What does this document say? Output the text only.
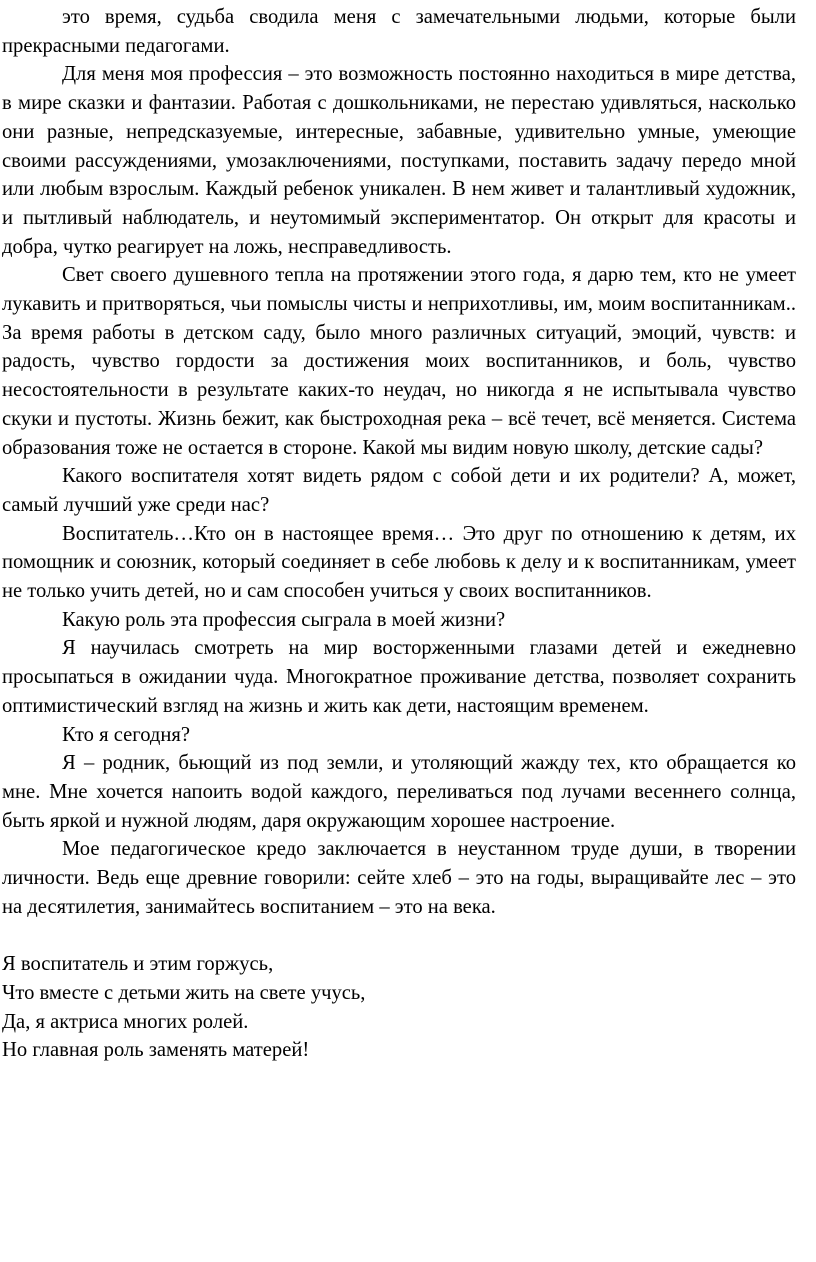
это время, судьба сводила меня с замечательными людьми, которые были прекрасными педагогами.

Для меня моя профессия – это возможность постоянно находиться в мире детства, в мире сказки и фантазии. Работая с дошкольниками, не перестаю удивляться, насколько они разные, непредсказуемые, интересные, забавные, удивительно умные, умеющие своими рассуждениями, умозаключениями, поступками, поставить задачу передо мной или любым взрослым. Каждый ребенок уникален. В нем живет и талантливый художник, и пытливый наблюдатель, и неутомимый экспериментатор. Он открыт для красоты и добра, чутко реагирует на ложь, несправедливость.

Свет своего душевного тепла на протяжении этого года, я дарю тем, кто не умеет лукавить и притворяться, чьи помыслы чисты и неприхотливы, им, моим воспитанникам.. За время работы в детском саду, было много различных ситуаций, эмоций, чувств: и радость, чувство гордости за достижения моих воспитанников, и боль, чувство несостоятельности в результате каких-то неудач, но никогда я не испытывала чувство скуки и пустоты. Жизнь бежит, как быстроходная река – всё течет, всё меняется. Система образования тоже не остается в стороне. Какой мы видим новую школу, детские сады?

Какого воспитателя хотят видеть рядом с собой дети и их родители? А, может, самый лучший уже среди нас?

Воспитатель…Кто он в настоящее время… Это друг по отношению к детям, их помощник и союзник, который соединяет в себе любовь к делу и к воспитанникам, умеет не только учить детей, но и сам способен учиться у своих воспитанников.

Какую роль эта профессия сыграла в моей жизни?

Я научилась смотреть на мир восторженными глазами детей и ежедневно просыпаться в ожидании чуда. Многократное проживание детства, позволяет сохранить оптимистический взгляд на жизнь и жить как дети, настоящим временем.

Кто я сегодня?

Я – родник, бьющий из под земли, и утоляющий жажду тех, кто обращается ко мне. Мне хочется напоить водой каждого, переливаться под лучами весеннего солнца, быть яркой и нужной людям, даря окружающим хорошее настроение.

Мое педагогическое кредо заключается в неустанном труде души, в творении личности. Ведь еще древние говорили: сейте хлеб – это на годы, выращивайте лес – это на десятилетия, занимайтесь воспитанием – это на века.

Я воспитатель и этим горжусь,
Что вместе с детьми жить на свете учусь,
Да, я актриса многих ролей.
Но главная роль заменять матерей!
